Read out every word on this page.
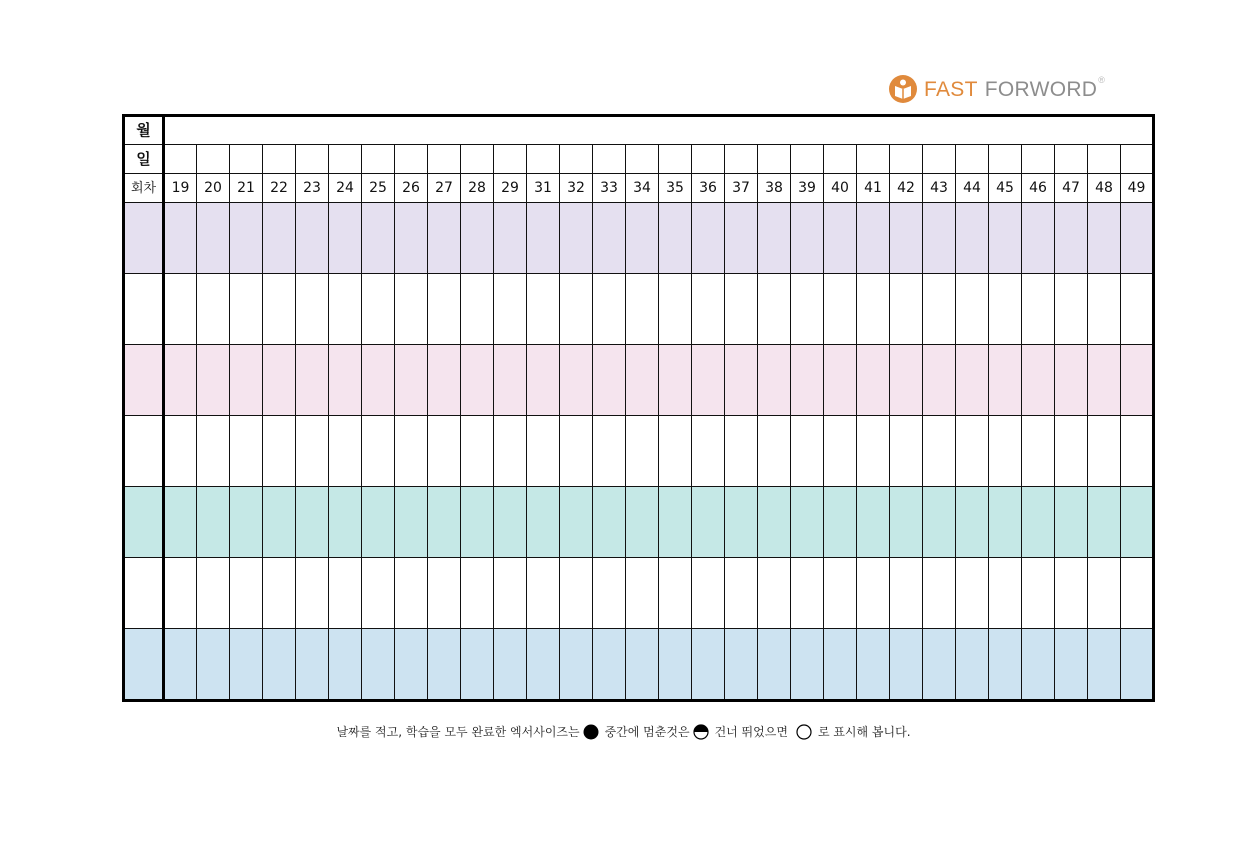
FAST FORWORD®
월																														
일																														
회차	19	20	21	22	23	24	25	26	27	28	29	31	32	33	34	35	36	37	38	39	40	41	42	43	44	45	46	47	48	49

날짜를 적고, 학습을 모두 완료한 엑서사이즈는 중간에 멈춘것은 건너 뛰었으면	로 표시해 봅니다.
